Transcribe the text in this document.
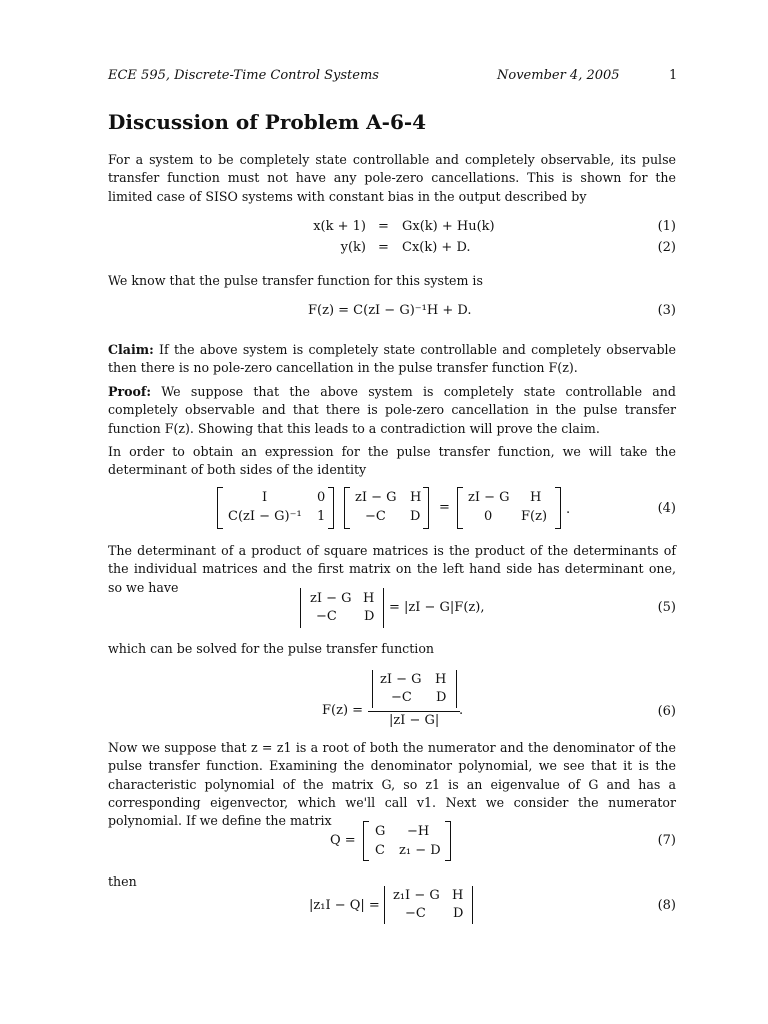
ECE 595, Discrete-Time Control Systems	November 4, 2005	1
Discussion of Problem A-6-4
For a system to be completely state controllable and completely observable, its pulse transfer function must not have any pole-zero cancellations. This is shown for the limited case of SISO systems with constant bias in the output described by
x(k + 1) = Gx(k) + Hu(k)	(1)
y(k) = Cx(k) + D.	(2)
We know that the pulse transfer function for this system is
F(z) = C(zI − G)⁻¹H + D.	(3)
Claim: If the above system is completely state controllable and completely observable then there is no pole-zero cancellation in the pulse transfer function F(z).
Proof: We suppose that the above system is completely state controllable and completely observable and that there is pole-zero cancellation in the pulse transfer function F(z). Showing that this leads to a contradiction will prove the claim.
In order to obtain an expression for the pulse transfer function, we will take the determinant of both sides of the identity
I	0
C(zI − G)⁻¹ 1
zI − G H
−C D
=
zI − G H
0 F(z) .	(4)
The determinant of a product of square matrices is the product of the determinants of the individual matrices and the first matrix on the left hand side has determinant one, so we have
zI − G H
−C D
= |zI − G|F(z),	(5)
which can be solved for the pulse transfer function
F(z) =
zI − G H
−C D
|zI − G|
.	(6)
Now we suppose that z = z1 is a root of both the numerator and the denominator of the pulse transfer function. Examining the denominator polynomial, we see that it is the characteristic polynomial of the matrix G, so z1 is an eigenvalue of G and has a corresponding eigenvector, which we'll call v1. Next we consider the numerator polynomial. If we define the matrix
Q =
G −H
C z₁ − D
(7)
then
|z₁I − Q| =
z₁I − G H
−C D
(8)
